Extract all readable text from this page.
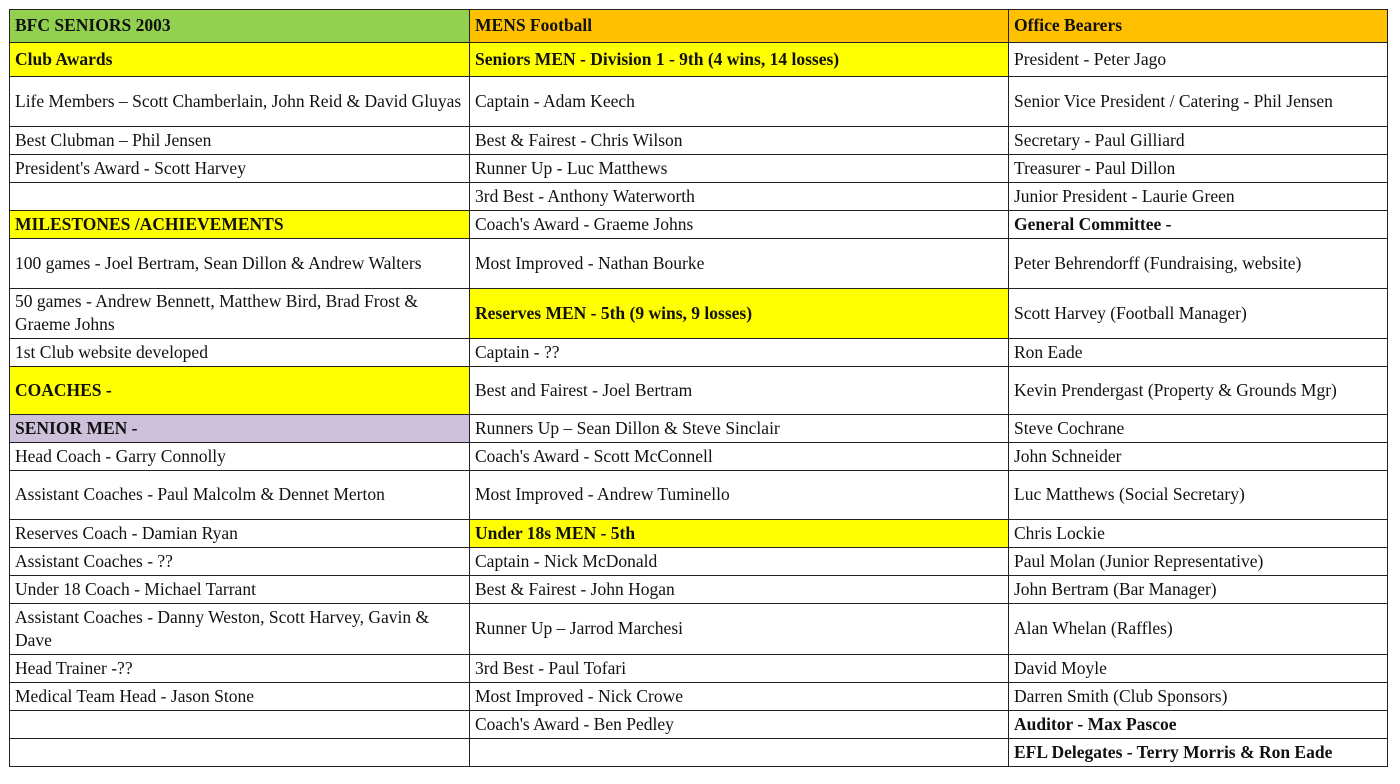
BFC SENIORS 2003	MENS Football	Office Bearers
Club Awards	Seniors MEN - Division 1 - 9th (4 wins, 14 losses)	President - Peter Jago
Life Members – Scott Chamberlain, John Reid & David Gluyas	Captain - Adam Keech	Senior Vice President / Catering - Phil Jensen
Best Clubman – Phil Jensen	Best & Fairest - Chris Wilson	Secretary - Paul Gilliard
President's Award - Scott Harvey	Runner Up - Luc Matthews	Treasurer - Paul Dillon
	3rd Best - Anthony Waterworth	Junior President - Laurie Green
MILESTONES /ACHIEVEMENTS	Coach's Award - Graeme Johns	General Committee -
100 games - Joel Bertram, Sean Dillon & Andrew Walters	Most Improved - Nathan Bourke	Peter Behrendorff (Fundraising, website)
50 games - Andrew Bennett, Matthew Bird, Brad Frost & Graeme Johns	Reserves MEN - 5th (9 wins, 9 losses)	Scott Harvey (Football Manager)
1st Club website developed	Captain - ??	Ron Eade
COACHES -	Best and Fairest - Joel Bertram	Kevin Prendergast (Property & Grounds Mgr)
SENIOR MEN -	Runners Up – Sean Dillon & Steve Sinclair	Steve Cochrane
Head Coach - Garry Connolly	Coach's Award - Scott McConnell	John Schneider
Assistant Coaches - Paul Malcolm & Dennet Merton	Most Improved - Andrew Tuminello	Luc Matthews (Social Secretary)
Reserves Coach - Damian Ryan	Under 18s MEN - 5th	Chris Lockie
Assistant Coaches - ??	Captain - Nick McDonald	Paul Molan (Junior Representative)
Under 18 Coach - Michael Tarrant	Best & Fairest - John Hogan	John Bertram (Bar Manager)
Assistant Coaches - Danny Weston, Scott Harvey, Gavin & Dave	Runner Up – Jarrod Marchesi	Alan Whelan (Raffles)
Head Trainer -??	3rd Best - Paul Tofari	David Moyle
Medical Team Head - Jason Stone	Most Improved - Nick Crowe	Darren Smith (Club Sponsors)
	Coach's Award - Ben Pedley	Auditor - Max Pascoe
		EFL Delegates - Terry Morris & Ron Eade
